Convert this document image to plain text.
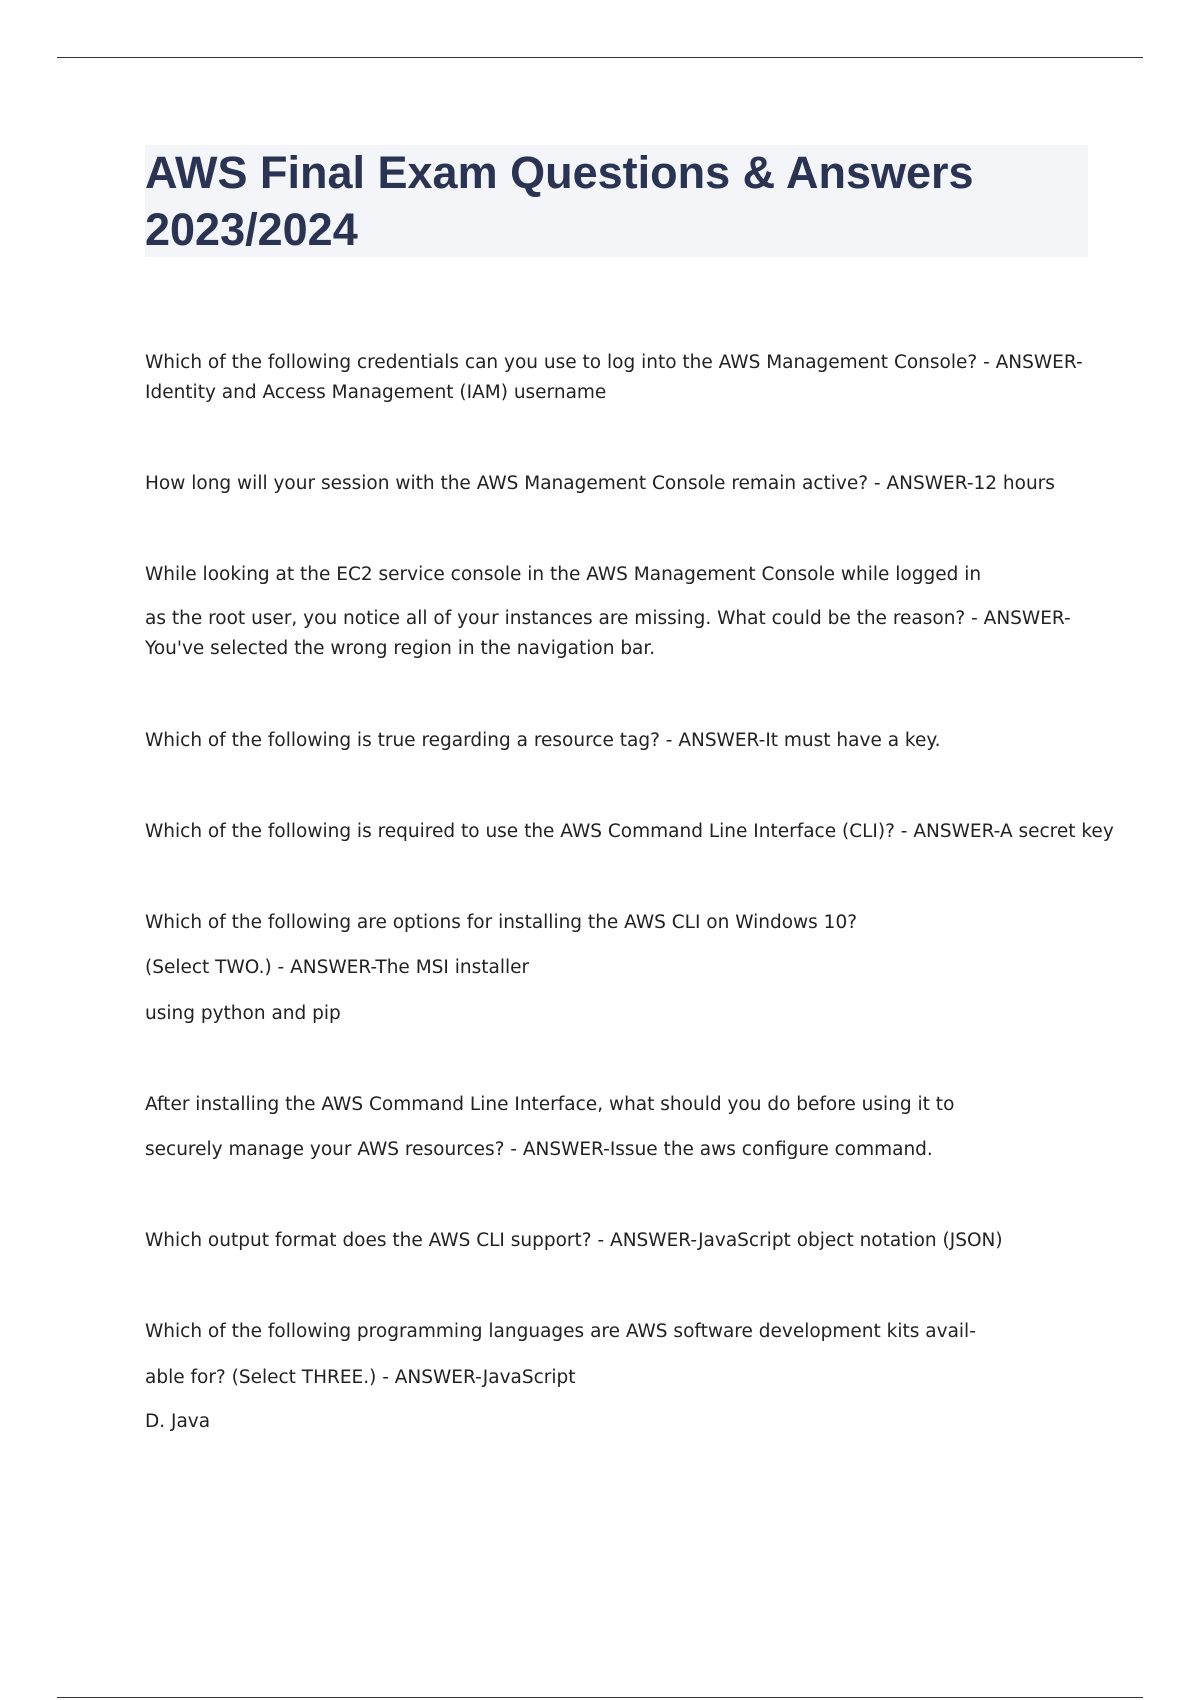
AWS Final Exam Questions & Answers
2023/2024
Which of the following credentials can you use to log into the AWS Management Console? - ANSWER-
Identity and Access Management (IAM) username
How long will your session with the AWS Management Console remain active? - ANSWER-12 hours
While looking at the EC2 service console in the AWS Management Console while logged in
as the root user, you notice all of your instances are missing. What could be the reason? - ANSWER-
You've selected the wrong region in the navigation bar.
Which of the following is true regarding a resource tag? - ANSWER-It must have a key.
Which of the following is required to use the AWS Command Line Interface (CLI)? - ANSWER-A secret key
Which of the following are options for installing the AWS CLI on Windows 10?
(Select TWO.) - ANSWER-The MSI installer
using python and pip
After installing the AWS Command Line Interface, what should you do before using it to
securely manage your AWS resources? - ANSWER-Issue the aws configure command.
Which output format does the AWS CLI support? - ANSWER-JavaScript object notation (JSON)
Which of the following programming languages are AWS software development kits avail-
able for? (Select THREE.) - ANSWER-JavaScript
D. Java
